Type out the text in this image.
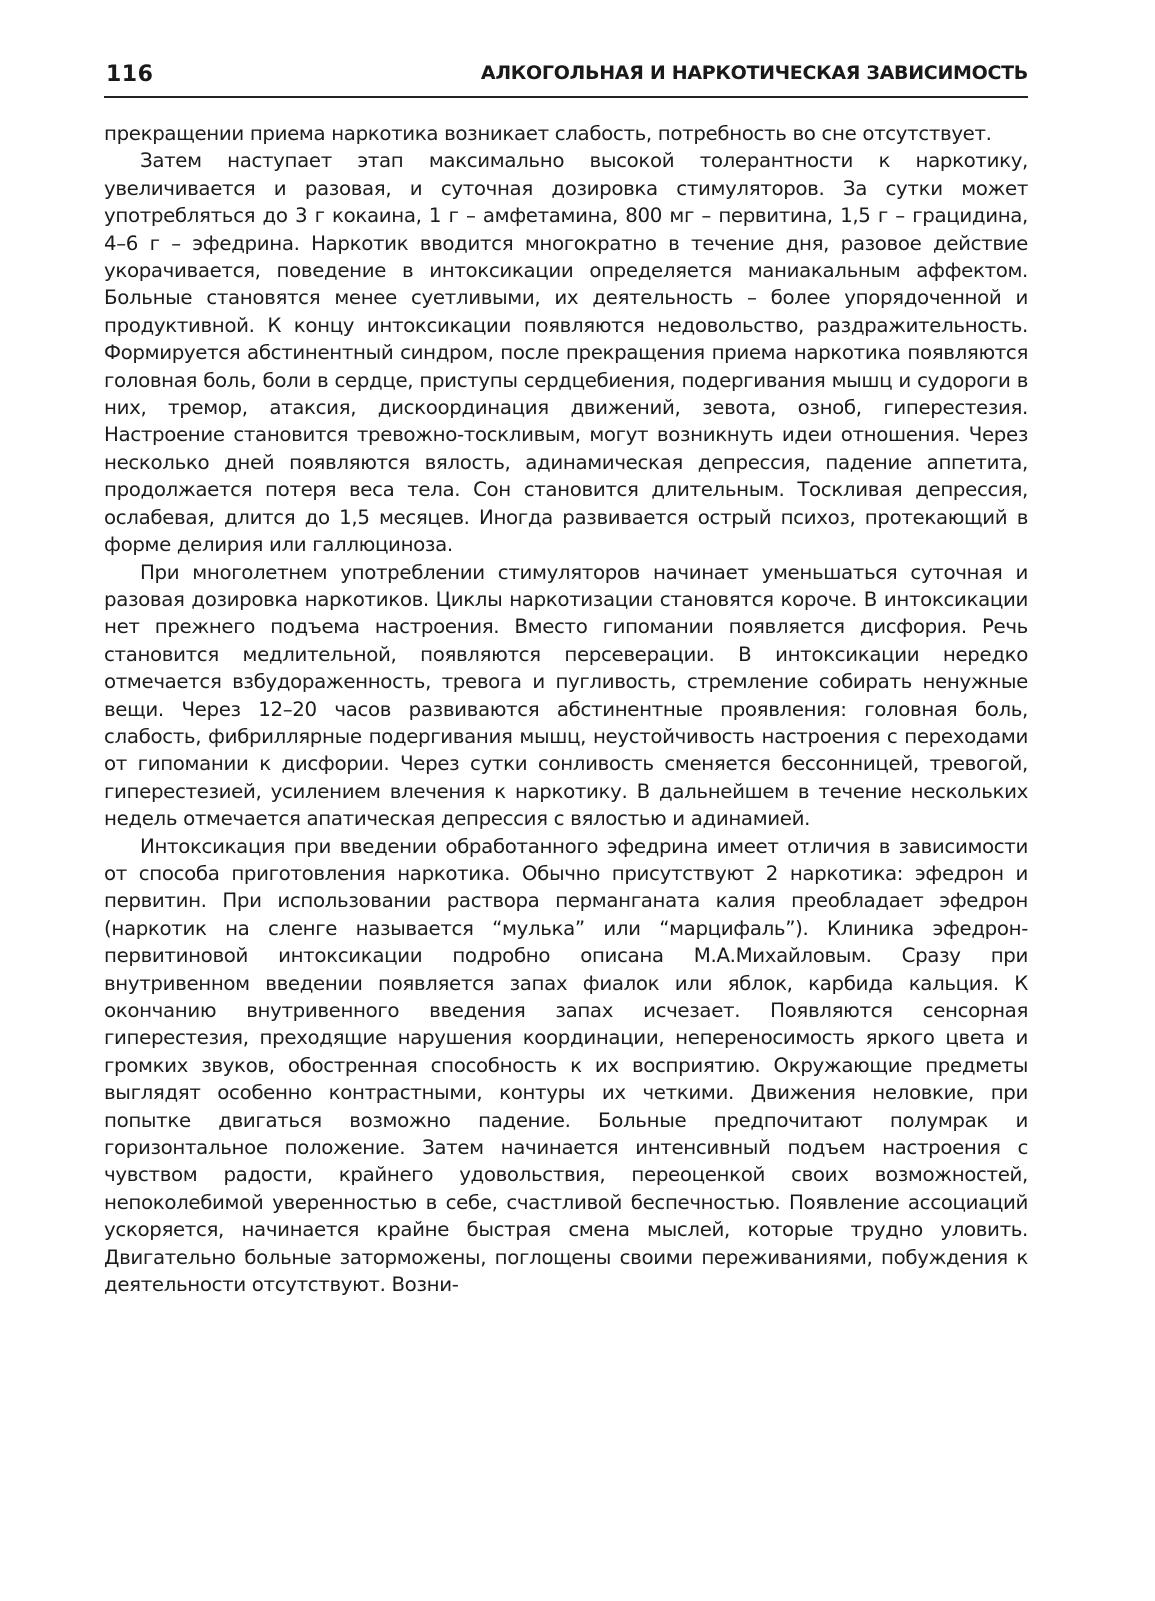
116	АЛКОГОЛЬНАЯ И НАРКОТИЧЕСКАЯ ЗАВИСИМОСТЬ

прекращении приема наркотика возникает слабость, потребность во сне отсутствует.

Затем наступает этап максимально высокой толерантности к наркотику, увеличивается и разовая, и суточная дозировка стимуляторов. За сутки может употребляться до 3 г кокаина, 1 г – амфетамина, 800 мг – первитина, 1,5 г – грацидина, 4–6 г – эфедрина. Наркотик вводится многократно в течение дня, разовое действие укорачивается, поведение в интоксикации определяется маниакальным аффектом. Больные становятся менее суетливыми, их деятельность – более упорядоченной и продуктивной. К концу интоксикации появляются недовольство, раздражительность. Формируется абстинентный синдром, после прекращения приема наркотика появляются головная боль, боли в сердце, приступы сердцебиения, подергивания мышц и судороги в них, тремор, атаксия, дискоординация движений, зевота, озноб, гиперестезия. Настроение становится тревожно-тоскливым, могут возникнуть идеи отношения. Через несколько дней появляются вялость, адинамическая депрессия, падение аппетита, продолжается потеря веса тела. Сон становится длительным. Тоскливая депрессия, ослабевая, длится до 1,5 месяцев. Иногда развивается острый психоз, протекающий в форме делирия или галлюциноза.

При многолетнем употреблении стимуляторов начинает уменьшаться суточная и разовая дозировка наркотиков. Циклы наркотизации становятся короче. В интоксикации нет прежнего подъема настроения. Вместо гипомании появляется дисфория. Речь становится медлительной, появляются персеверации. В интоксикации нередко отмечается взбудораженность, тревога и пугливость, стремление собирать ненужные вещи. Через 12–20 часов развиваются абстинентные проявления: головная боль, слабость, фибриллярные подергивания мышц, неустойчивость настроения с переходами от гипомании к дисфории. Через сутки сонливость сменяется бессонницей, тревогой, гиперестезией, усилением влечения к наркотику. В дальнейшем в течение нескольких недель отмечается апатическая депрессия с вялостью и адинамией.

Интоксикация при введении обработанного эфедрина имеет отличия в зависимости от способа приготовления наркотика. Обычно присутствуют 2 наркотика: эфедрон и первитин. При использовании раствора перманганата калия преобладает эфедрон (наркотик на сленге называется “мулька” или “марцифаль”). Клиника эфедрон-первитиновой интоксикации подробно описана М.А.Михайловым. Сразу при внутривенном введении появляется запах фиалок или яблок, карбида кальция. К окончанию внутривенного введения запах исчезает. Появляются сенсорная гиперестезия, преходящие нарушения координации, непереносимость яркого цвета и громких звуков, обостренная способность к их восприятию. Окружающие предметы выглядят особенно контрастными, контуры их четкими. Движения неловкие, при попытке двигаться возможно падение. Больные предпочитают полумрак и горизонтальное положение. Затем начинается интенсивный подъем настроения с чувством радости, крайнего удовольствия, переоценкой своих возможностей, непоколебимой уверенностью в себе, счастливой беспечностью. Появление ассоциаций ускоряется, начинается крайне быстрая смена мыслей, которые трудно уловить. Двигательно больные заторможены, поглощены своими переживаниями, побуждения к деятельности отсутствуют. Возни-
